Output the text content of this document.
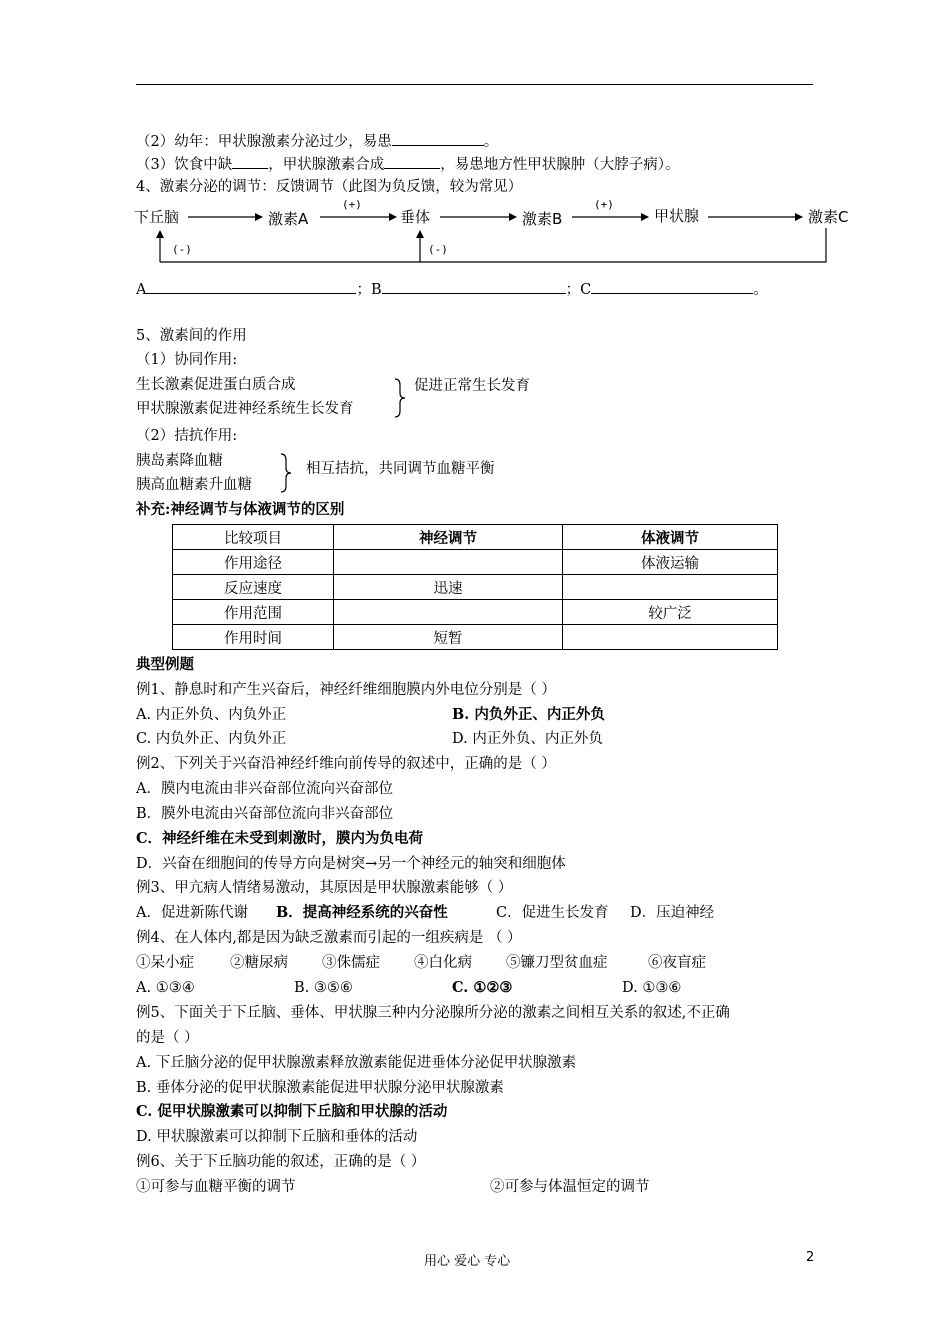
（2）幼年：甲状腺激素分泌过少，易患	。
（3）饮食中缺 ，甲状腺激素合成	，易患地方性甲状腺肿（大脖子病）。
4、激素分泌的调节：反馈调节（此图为负反馈，较为常见）
下丘脑	激素A	垂体	激素B	甲状腺	激素C
(+)	(+)
(-)	(-)
A	；B	；C	。
5、激素间的作用
（1）协同作用:
生长激素促进蛋白质合成
甲状腺激素促进神经系统生长发育
促进正常生长发育
（2）拮抗作用:
胰岛素降血糖
胰高血糖素升血糖
相互拮抗，共同调节血糖平衡
补充:神经调节与体液调节的区别
比较项目	神经调节	体液调节
作用途径		体液运输
反应速度	迅速	
作用范围		较广泛
作用时间	短暂	
典型例题
例1、静息时和产生兴奋后，神经纤维细胞膜内外电位分别是（ ）
A. 内正外负、内负外正	B. 内负外正、内正外负
C. 内负外正、内负外正	D. 内正外负、内正外负
例2、下列关于兴奋沿神经纤维向前传导的叙述中，正确的是（ ）
A．膜内电流由非兴奋部位流向兴奋部位
B．膜外电流由兴奋部位流向非兴奋部位
C．神经纤维在未受到刺激时，膜内为负电荷
D．兴奋在细胞间的传导方向是树突→另一个神经元的轴突和细胞体
例3、甲亢病人情绪易激动，其原因是甲状腺激素能够（ ）
A．促进新陈代谢 B．提高神经系统的兴奋性	C．促进生长发育 D．压迫神经
例4、在人体内,都是因为缺乏激素而引起的一组疾病是 （ ）
①呆小症 ②糖尿病 ③侏儒症 ④白化病 ⑤镰刀型贫血症	⑥夜盲症
A. ①③④	B. ③⑤⑥	C. ①②③	D. ①③⑥
例5、下面关于下丘脑、垂体、甲状腺三种内分泌腺所分泌的激素之间相互关系的叙述,不正确
的是（ ）
A. 下丘脑分泌的促甲状腺激素释放激素能促进垂体分泌促甲状腺激素
B. 垂体分泌的促甲状腺激素能促进甲状腺分泌甲状腺激素
C. 促甲状腺激素可以抑制下丘脑和甲状腺的活动
D. 甲状腺激素可以抑制下丘脑和垂体的活动
例6、关于下丘脑功能的叙述，正确的是（ ）
①可参与血糖平衡的调节	②可参与体温恒定的调节
用心 爱心 专心	2
